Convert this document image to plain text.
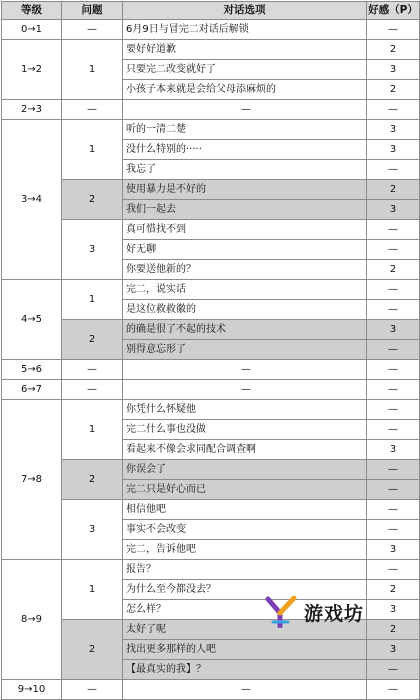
等级	问题	对话选项	好感（P）
0→1	—	6月9日与冒完二对话后解锁	—
1→2	1	要好好道歉	2
		只要完二改变就好了	3
		小孩子本来就是会给父母添麻烦的	2
2→3	—	—	—
3→4	1	听的一清二楚	3
		没什么特别的·····	3
		我忘了	—
	2	使用暴力是不好的	2
		我们一起去	3
	3	真可惜找不到	—
		好无聊	—
		你要送他新的？	2
4→5	1	完二，说实话	—
		是这位救救徽的	—
	2	的确是很了不起的技术	3
		别得意忘形了	—
5→6	—	—	—
6→7	—	—	—
7→8	1	你凭什么怀疑他	—
		完二什么事也没做	—
		看起来不像会求同配合调查啊	3
	2	你误会了	—
		完二只是好心而已	—
	3	相信他吧	—
		事实不会改变	—
		完二，告诉他吧	3
8→9	1	报告？	—
		为什么至今都没去？	2
		怎么样？	3
	2	太好了呢	2
		找出更多那样的人吧	3
		【最真实的我】？	—
9→10	—	—	—
游戏坊
